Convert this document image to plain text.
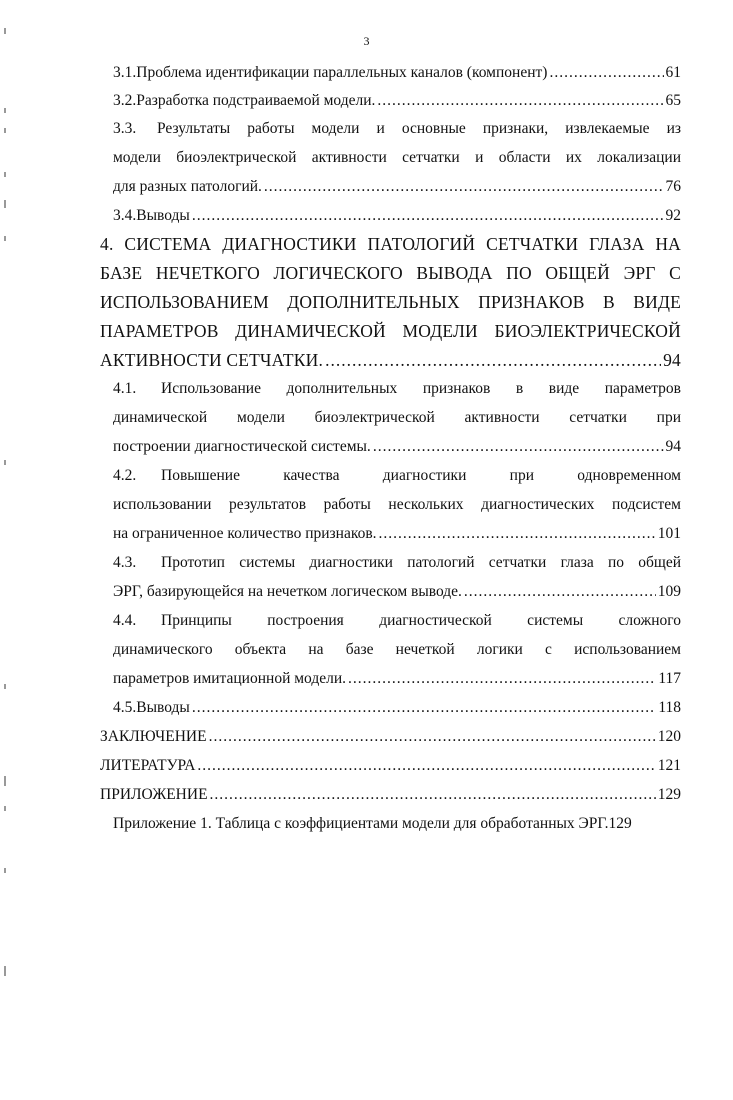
3
3.1. Проблема идентификации параллельных каналов (компонент) .....	61
3.2. Разработка подстраиваемой модели. .....	65
3.3.	Результаты работы модели и основные признаки, извлекаемые из
модели биоэлектрической активности сетчатки и области их локализации
для разных патологий. .....	76
3.4. Выводы .....	92
4. СИСТЕМА ДИАГНОСТИКИ ПАТОЛОГИЙ СЕТЧАТКИ ГЛАЗА НА
БАЗЕ НЕЧЕТКОГО ЛОГИЧЕСКОГО ВЫВОДА ПО ОБЩЕЙ ЭРГ С
ИСПОЛЬЗОВАНИЕМ ДОПОЛНИТЕЛЬНЫХ ПРИЗНАКОВ В ВИДЕ
ПАРАМЕТРОВ ДИНАМИЧЕСКОЙ МОДЕЛИ БИОЭЛЕКТРИЧЕСКОЙ
АКТИВНОСТИ СЕТЧАТКИ. .....	94
4.1.	Использование дополнительных признаков в виде параметров
динамической модели биоэлектрической активности сетчатки при
построении диагностической системы. .....	94
4.2.	Повышение качества диагностики при одновременном
использовании результатов работы нескольких диагностических подсистем
на ограниченное количество признаков. .....	101
4.3.	Прототип системы диагностики патологий сетчатки глаза по общей
ЭРГ, базирующейся на нечетком логическом выводе. .....	109
4.4.	Принципы построения диагностической системы сложного
динамического объекта на базе нечеткой логики с использованием
параметров имитационной модели. .....	117
4.5. Выводы .....	118
ЗАКЛЮЧЕНИЕ .....	120
ЛИТЕРАТУРА .....	121
ПРИЛОЖЕНИЕ .....	129
Приложение 1. Таблица с коэффициентами модели для обработанных ЭРГ.129
